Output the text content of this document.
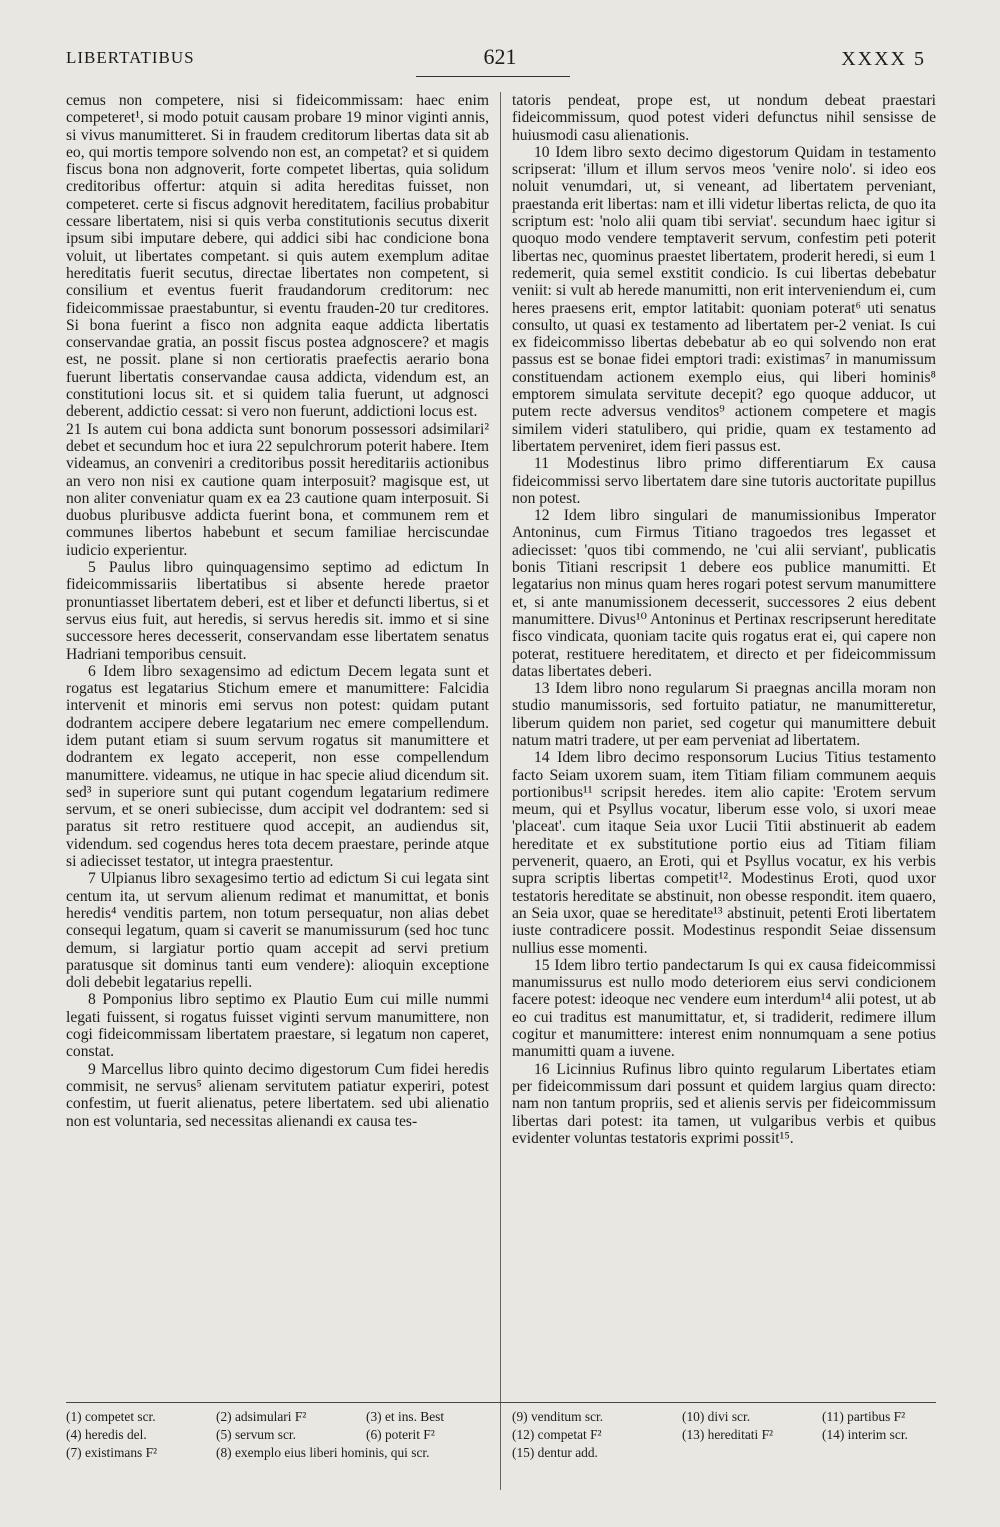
LIBERTATIBUS	621	XXXX 5

cemus non competere, nisi si fideicommissam: haec enim competeret¹, si modo potuit causam probare 19 minor viginti annis, si vivus manumitteret. Si in fraudem creditorum libertas data sit ab eo, qui mortis tempore solvendo non est, an competat? et si quidem fiscus bona non adgnoverit, forte competet libertas, quia solidum creditoribus offertur: atquin si adita hereditas fuisset, non competeret. certe si fiscus adgnovit hereditatem, facilius probabitur cessare libertatem, nisi si quis verba constitutionis secutus dixerit ipsum sibi imputare debere, qui addici sibi hac condicione bona voluit, ut libertates competant. si quis autem exemplum aditae hereditatis fuerit secutus, directae libertates non competent, si consilium et eventus fuerit fraudandorum creditorum: nec fideicommissae praestabuntur, si eventu frauden-20 tur creditores. Si bona fuerint a fisco non adgnita eaque addicta libertatis conservandae gratia, an possit fiscus postea adgnoscere? et magis est, ne possit. plane si non certioratis praefectis aerario bona fuerunt libertatis conservandae causa addicta, videndum est, an constitutioni locus sit. et si quidem talia fuerunt, ut adgnosci deberent, addictio cessat: si vero non fuerunt, addictioni locus est.

21 Is autem cui bona addicta sunt bonorum possessori adsimilari² debet et secundum hoc et iura 22 sepulchrorum poterit habere. Item videamus, an conveniri a creditoribus possit hereditariis actionibus an vero non nisi ex cautione quam interposuit? magisque est, ut non aliter conveniatur quam ex ea 23 cautione quam interposuit. Si duobus pluribusve addicta fuerint bona, et communem rem et communes libertos habebunt et secum familiae herciscundae iudicio experientur.

5 Paulus libro quinquagensimo septimo ad edictum In fideicommissariis libertatibus si absente herede praetor pronuntiasset libertatem deberi, est et liber et defuncti libertus, si et servus eius fuit, aut heredis, si servus heredis sit. immo et si sine successore heres decesserit, conservandam esse libertatem senatus Hadriani temporibus censuit.

6 Idem libro sexagensimo ad edictum Decem legata sunt et rogatus est legatarius Stichum emere et manumittere: Falcidia intervenit et minoris emi servus non potest: quidam putant dodrantem accipere debere legatarium nec emere compellendum. idem putant etiam si suum servum rogatus sit manumittere et dodrantem ex legato acceperit, non esse compellendum manumittere. videamus, ne utique in hac specie aliud dicendum sit. sed³ in superiore sunt qui putant cogendum legatarium redimere servum, et se oneri subiecisse, dum accipit vel dodrantem: sed si paratus sit retro restituere quod accepit, an audiendus sit, videndum. sed cogendus heres tota decem praestare, perinde atque si adiecisset testator, ut integra praestentur.

7 Ulpianus libro sexagesimo tertio ad edictum Si cui legata sint centum ita, ut servum alienum redimat et manumittat, et bonis heredis⁴ venditis partem, non totum persequatur, non alias debet consequi legatum, quam si caverit se manumissurum (sed hoc tunc demum, si largiatur portio quam accepit ad servi pretium paratusque sit dominus tanti eum vendere): alioquin exceptione doli debebit legatarius repelli.

8 Pomponius libro septimo ex Plautio Eum cui mille nummi legati fuissent, si rogatus fuisset viginti servum manumittere, non cogi fideicommissam libertatem praestare, si legatum non caperet, constat.

9 Marcellus libro quinto decimo digestorum Cum fidei heredis commisit, ne servus⁵ alienam servitutem patiatur experiri, potest confestim, ut fuerit alienatus, petere libertatem. sed ubi alienatio non est voluntaria, sed necessitas alienandi ex causa tes-

tatoris pendeat, prope est, ut nondum debeat praestari fideicommissum, quod potest videri defunctus nihil sensisse de huiusmodi casu alienationis.

10 Idem libro sexto decimo digestorum Quidam in testamento scripserat: 'illum et illum servos meos 'venire nolo'. si ideo eos noluit venumdari, ut, si veneant, ad libertatem perveniant, praestanda erit libertas: nam et illi videtur libertas relicta, de quo ita scriptum est: 'nolo alii quam tibi serviat'. secundum haec igitur si quoquo modo vendere temptaverit servum, confestim peti poterit libertas nec, quominus praestet libertatem, proderit heredi, si eum 1 redemerit, quia semel exstitit condicio. Is cui libertas debebatur veniit: si vult ab herede manumitti, non erit interveniendum ei, cum heres praesens erit, emptor latitabit: quoniam poterat⁶ uti senatus consulto, ut quasi ex testamento ad libertatem per-2 veniat. Is cui ex fideicommisso libertas debebatur ab eo qui solvendo non erat passus est se bonae fidei emptori tradi: existimas⁷ in manumissum constituendam actionem exemplo eius, qui liberi hominis⁸ emptorem simulata servitute decepit? ego quoque adducor, ut putem recte adversus venditos⁹ actionem competere et magis similem videri statulibero, qui pridie, quam ex testamento ad libertatem perveniret, idem fieri passus est.

11 Modestinus libro primo differentiarum Ex causa fideicommissi servo libertatem dare sine tutoris auctoritate pupillus non potest.

12 Idem libro singulari de manumissionibus Imperator Antoninus, cum Firmus Titiano tragoedos tres legasset et adiecisset: 'quos tibi commendo, ne 'cui alii serviant', publicatis bonis Titiani rescripsit 1 debere eos publice manumitti. Et legatarius non minus quam heres rogari potest servum manumittere et, si ante manumissionem decesserit, successores 2 eius debent manumittere. Divus¹⁰ Antoninus et Pertinax rescripserunt hereditate fisco vindicata, quoniam tacite quis rogatus erat ei, qui capere non poterat, restituere hereditatem, et directo et per fideicommissum datas libertates deberi.

13 Idem libro nono regularum Si praegnas ancilla moram non studio manumissoris, sed fortuito patiatur, ne manumitteretur, liberum quidem non pariet, sed cogetur qui manumittere debuit natum matri tradere, ut per eam perveniat ad libertatem.

14 Idem libro decimo responsorum Lucius Titius testamento facto Seiam uxorem suam, item Titiam filiam communem aequis portionibus¹¹ scripsit heredes. item alio capite: 'Erotem servum meum, qui et Psyllus vocatur, liberum esse volo, si uxori meae 'placeat'. cum itaque Seia uxor Lucii Titii abstinuerit ab eadem hereditate et ex substitutione portio eius ad Titiam filiam pervenerit, quaero, an Eroti, qui et Psyllus vocatur, ex his verbis supra scriptis libertas competit¹². Modestinus Eroti, quod uxor testatoris hereditate se abstinuit, non obesse respondit. item quaero, an Seia uxor, quae se hereditate¹³ abstinuit, petenti Eroti libertatem iuste contradicere possit. Modestinus respondit Seiae dissensum nullius esse momenti.

15 Idem libro tertio pandectarum Is qui ex causa fideicommissi manumissurus est nullo modo deteriorem eius servi condicionem facere potest: ideoque nec vendere eum interdum¹⁴ alii potest, ut ab eo cui traditus est manumittatur, et, si tradiderit, redimere illum cogitur et manumittere: interest enim nonnumquam a sene potius manumitti quam a iuvene.

16 Licinnius Rufinus libro quinto regularum Libertates etiam per fideicommissum dari possunt et quidem largius quam directo: nam non tantum propriis, sed et alienis servis per fideicommissum libertas dari potest: ita tamen, ut vulgaribus verbis et quibus evidenter voluntas testatoris exprimi possit¹⁵.

(1) competet scr.	(2) adsimulari F²	(3) et ins. Best
(4) heredis del.	(5) servum scr.	(6) poterit F²
(7) existimans F²	(8) exemplo eius liberi hominis, qui scr.
(9) venditum scr.	(10) divi scr.	(11) partibus F²
(12) competat F²	(13) hereditati F²	(14) interim scr.
(15) dentur add.
